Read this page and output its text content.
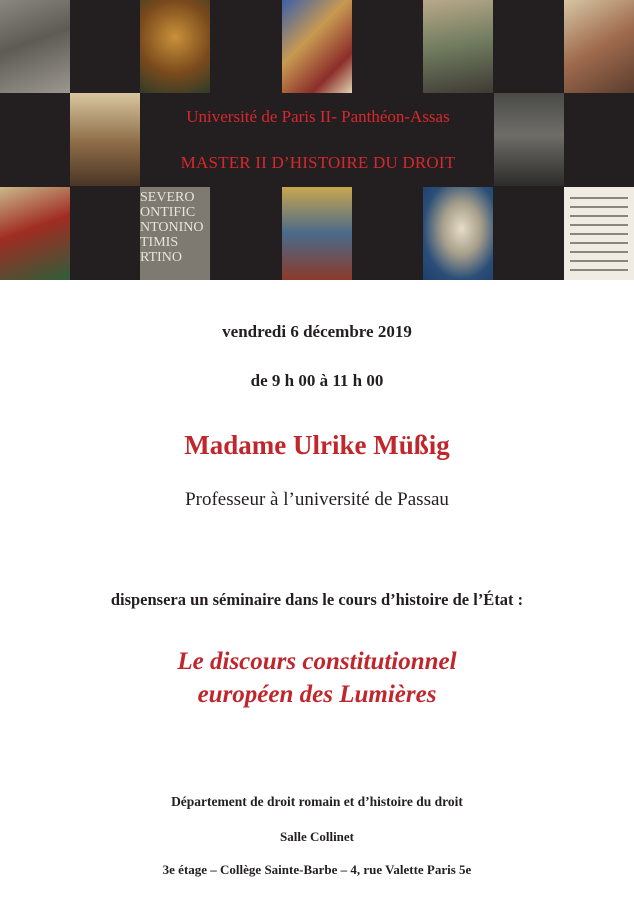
SEVERO
ONTIFIC
NTONINO
TIMIS
RTINO
Université de Paris II- Panthéon-Assas
MASTER II D’HISTOIRE DU DROIT
vendredi 6 décembre 2019
de 9 h 00 à 11 h 00
Madame Ulrike Müßig
Professeur à l’université de Passau
dispensera un séminaire dans le cours d’histoire de l’État :
Le discours constitutionnel
européen des Lumières
Département de droit romain et d’histoire du droit
Salle Collinet
3e étage – Collège Sainte-Barbe – 4, rue Valette Paris 5e
